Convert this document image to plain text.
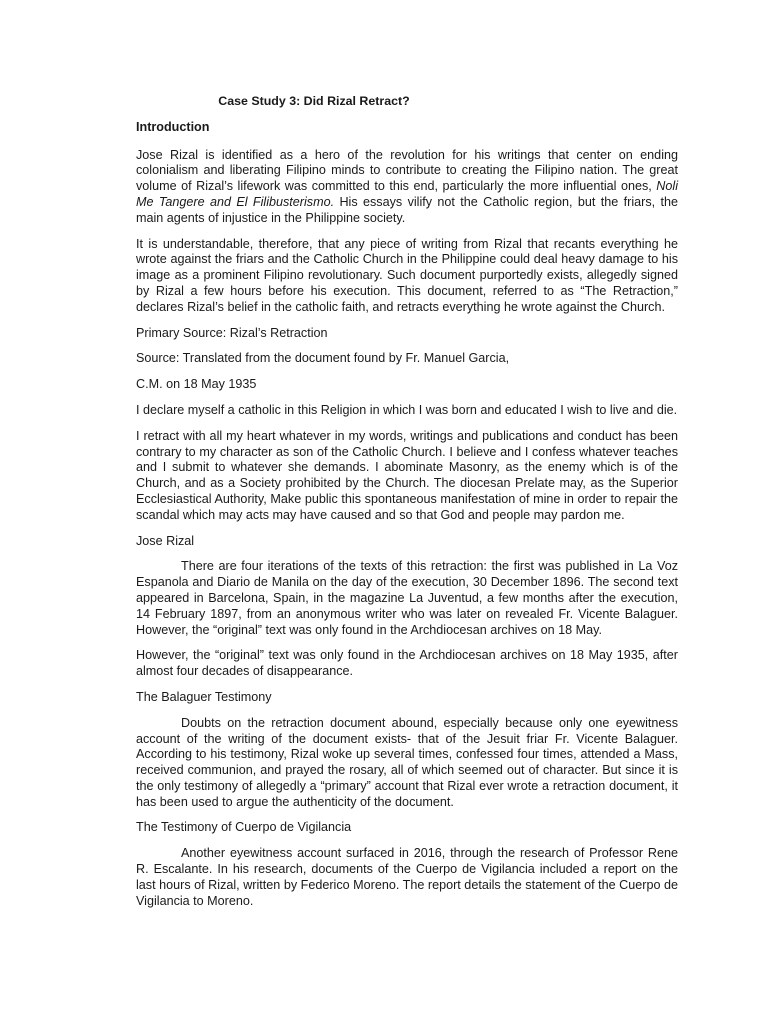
Case Study 3: Did Rizal Retract?
Introduction

Jose Rizal is identified as a hero of the revolution for his writings that center on ending colonialism and liberating Filipino minds to contribute to creating the Filipino nation. The great volume of Rizal’s lifework was committed to this end, particularly the more influential ones, Noli Me Tangere and El Filibusterismo. His essays vilify not the Catholic region, but the friars, the main agents of injustice in the Philippine society.

It is understandable, therefore, that any piece of writing from Rizal that recants everything he wrote against the friars and the Catholic Church in the Philippine could deal heavy damage to his image as a prominent Filipino revolutionary. Such document purportedly exists, allegedly signed by Rizal a few hours before his execution. This document, referred to as “The Retraction,” declares Rizal’s belief in the catholic faith, and retracts everything he wrote against the Church.

Primary Source: Rizal’s Retraction

Source: Translated from the document found by Fr. Manuel Garcia,

C.M. on 18 May 1935

I declare myself a catholic in this Religion in which I was born and educated I wish to live and die.

I retract with all my heart whatever in my words, writings and publications and conduct has been contrary to my character as son of the Catholic Church. I believe and I confess whatever teaches and I submit to whatever she demands. I abominate Masonry, as the enemy which is of the Church, and as a Society prohibited by the Church. The diocesan Prelate may, as the Superior Ecclesiastical Authority, Make public this spontaneous manifestation of mine in order to repair the scandal which may acts may have caused and so that God and people may pardon me.

Jose Rizal

There are four iterations of the texts of this retraction: the first was published in La Voz Espanola and Diario de Manila on the day of the execution, 30 December 1896. The second text appeared in Barcelona, Spain, in the magazine La Juventud, a few months after the execution, 14 February 1897, from an anonymous writer who was later on revealed Fr. Vicente Balaguer. However, the “original” text was only found in the Archdiocesan archives on 18 May.

However, the “original” text was only found in the Archdiocesan archives on 18 May 1935, after almost four decades of disappearance.

The Balaguer Testimony

Doubts on the retraction document abound, especially because only one eyewitness account of the writing of the document exists- that of the Jesuit friar Fr. Vicente Balaguer. According to his testimony, Rizal woke up several times, confessed four times, attended a Mass, received communion, and prayed the rosary, all of which seemed out of character. But since it is the only testimony of allegedly a “primary” account that Rizal ever wrote a retraction document, it has been used to argue the authenticity of the document.

The Testimony of Cuerpo de Vigilancia

Another eyewitness account surfaced in 2016, through the research of Professor Rene R. Escalante. In his research, documents of the Cuerpo de Vigilancia included a report on the last hours of Rizal, written by Federico Moreno. The report details the statement of the Cuerpo de Vigilancia to Moreno.
